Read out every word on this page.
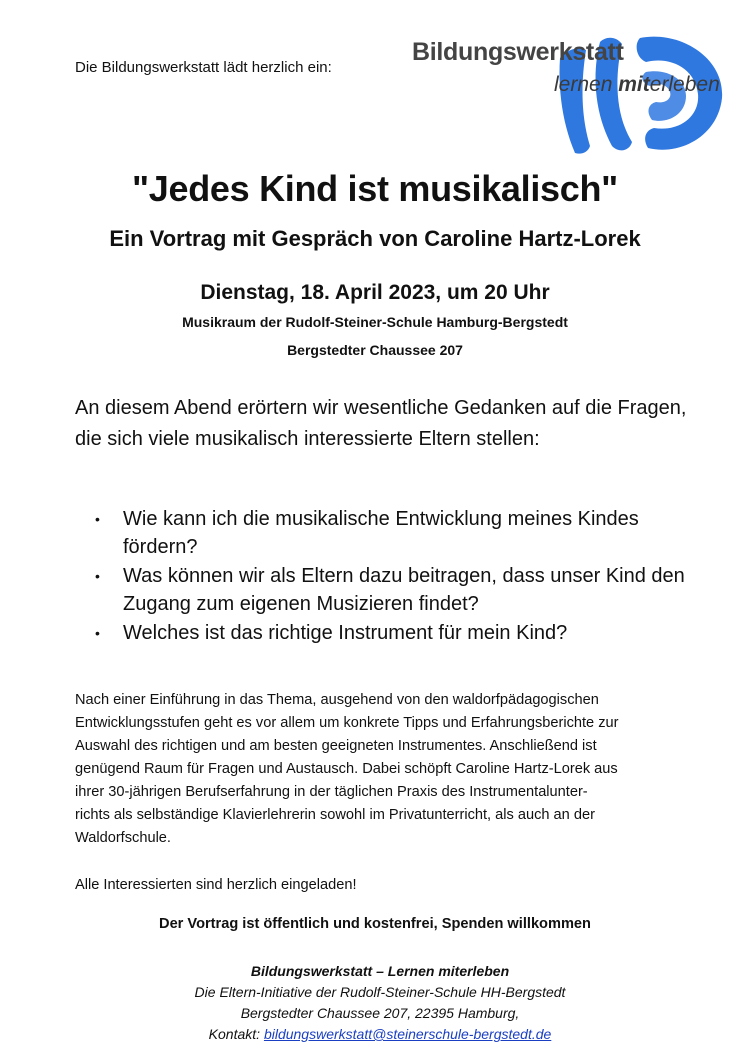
Die Bildungswerkstatt lädt herzlich ein:
Bildungswerkstatt
lernen miterleben
"Jedes Kind ist musikalisch"
Ein Vortrag mit Gespräch von Caroline Hartz-Lorek
Dienstag, 18. April 2023, um 20 Uhr
Musikraum der Rudolf-Steiner-Schule Hamburg-Bergstedt
Bergstedter Chaussee 207
An diesem Abend erörtern wir wesentliche Gedanken auf die Fragen, die sich viele musikalisch interessierte Eltern stellen:
• Wie kann ich die musikalische Entwicklung meines Kindes fördern?
• Was können wir als Eltern dazu beitragen, dass unser Kind den Zugang zum eigenen Musizieren findet?
• Welches ist das richtige Instrument für mein Kind?
Nach einer Einführung in das Thema, ausgehend von den waldorfpädagogischen
Entwicklungsstufen geht es vor allem um konkrete Tipps und Erfahrungsberichte zur
Auswahl des richtigen und am besten geeigneten Instrumentes. Anschließend ist
genügend Raum für Fragen und Austausch. Dabei schöpft Caroline Hartz-Lorek aus
ihrer 30-jährigen Berufserfahrung in der täglichen Praxis des Instrumentalunter-
richts als selbständige Klavierlehrerin sowohl im Privatunterricht, als auch an der
Waldorfschule.
Alle Interessierten sind herzlich eingeladen!
Der Vortrag ist öffentlich und kostenfrei, Spenden willkommen
Bildungswerkstatt – Lernen miterleben
Die Eltern-Initiative der Rudolf-Steiner-Schule HH-Bergstedt
Bergstedter Chaussee 207, 22395 Hamburg,
Kontakt: bildungswerkstatt@steinerschule-bergstedt.de
